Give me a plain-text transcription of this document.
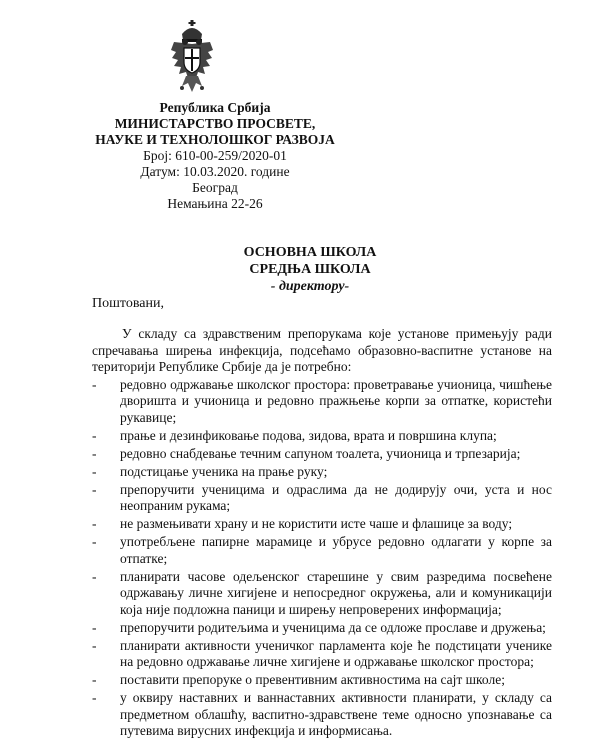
Република Србија
МИНИСТАРСТВО ПРОСВЕТЕ,
НАУКЕ И ТЕХНОЛОШКОГ РАЗВОЈА
Број: 610-00-259/2020-01
Датум: 10.03.2020. године
Београд
Немањина 22-26
ОСНОВНА ШКОЛА
СРЕДЊА ШКОЛА
- директору-
Поштовани,

У складу са здравственим препорукама које установе примењују ради спречавања ширења инфекција, подсећамо образовно-васпитне установе на територији Републике Србије да је потребно:

- редовно одржавање школског простора: проветравање учионица, чишћење дворишта и учионица и редовно пражњење корпи за отпатке, користећи рукавице;
- прање и дезинфиковање подова, зидова, врата и површина клупа;
- редовно снабдевање течним сапуном тоалета, учионица и трпезарија;
- подстицање ученика на прање руку;
- препоручити ученицима и одраслима да не додирују очи, уста и нос неопраним рукама;
- не размењивати храну и не користити исте чаше и флашице за воду;
- употребљене папирне марамице и убрусе редовно одлагати у корпе за отпатке;
- планирати часове одељенског старешине у свим разредима посвећене одржавању личне хигијене и непосредног окружења, али и комуникацији која није подложна паници и ширењу непроверених информација;
- препоручити родитељима и ученицима да се одложе прославе и дружења;
- планирати активности ученичког парламента које ће подстицати ученике на редовно одржавање личне хигијене и одржавање школског простора;
- поставити препоруке о превентивним активностима на сајт школе;
- у оквиру наставних и ваннаставних активности планирати, у складу са предметном облашћу, васпитно-здравствене теме односно упознавање са путевима вирусних инфекција и информисања.
